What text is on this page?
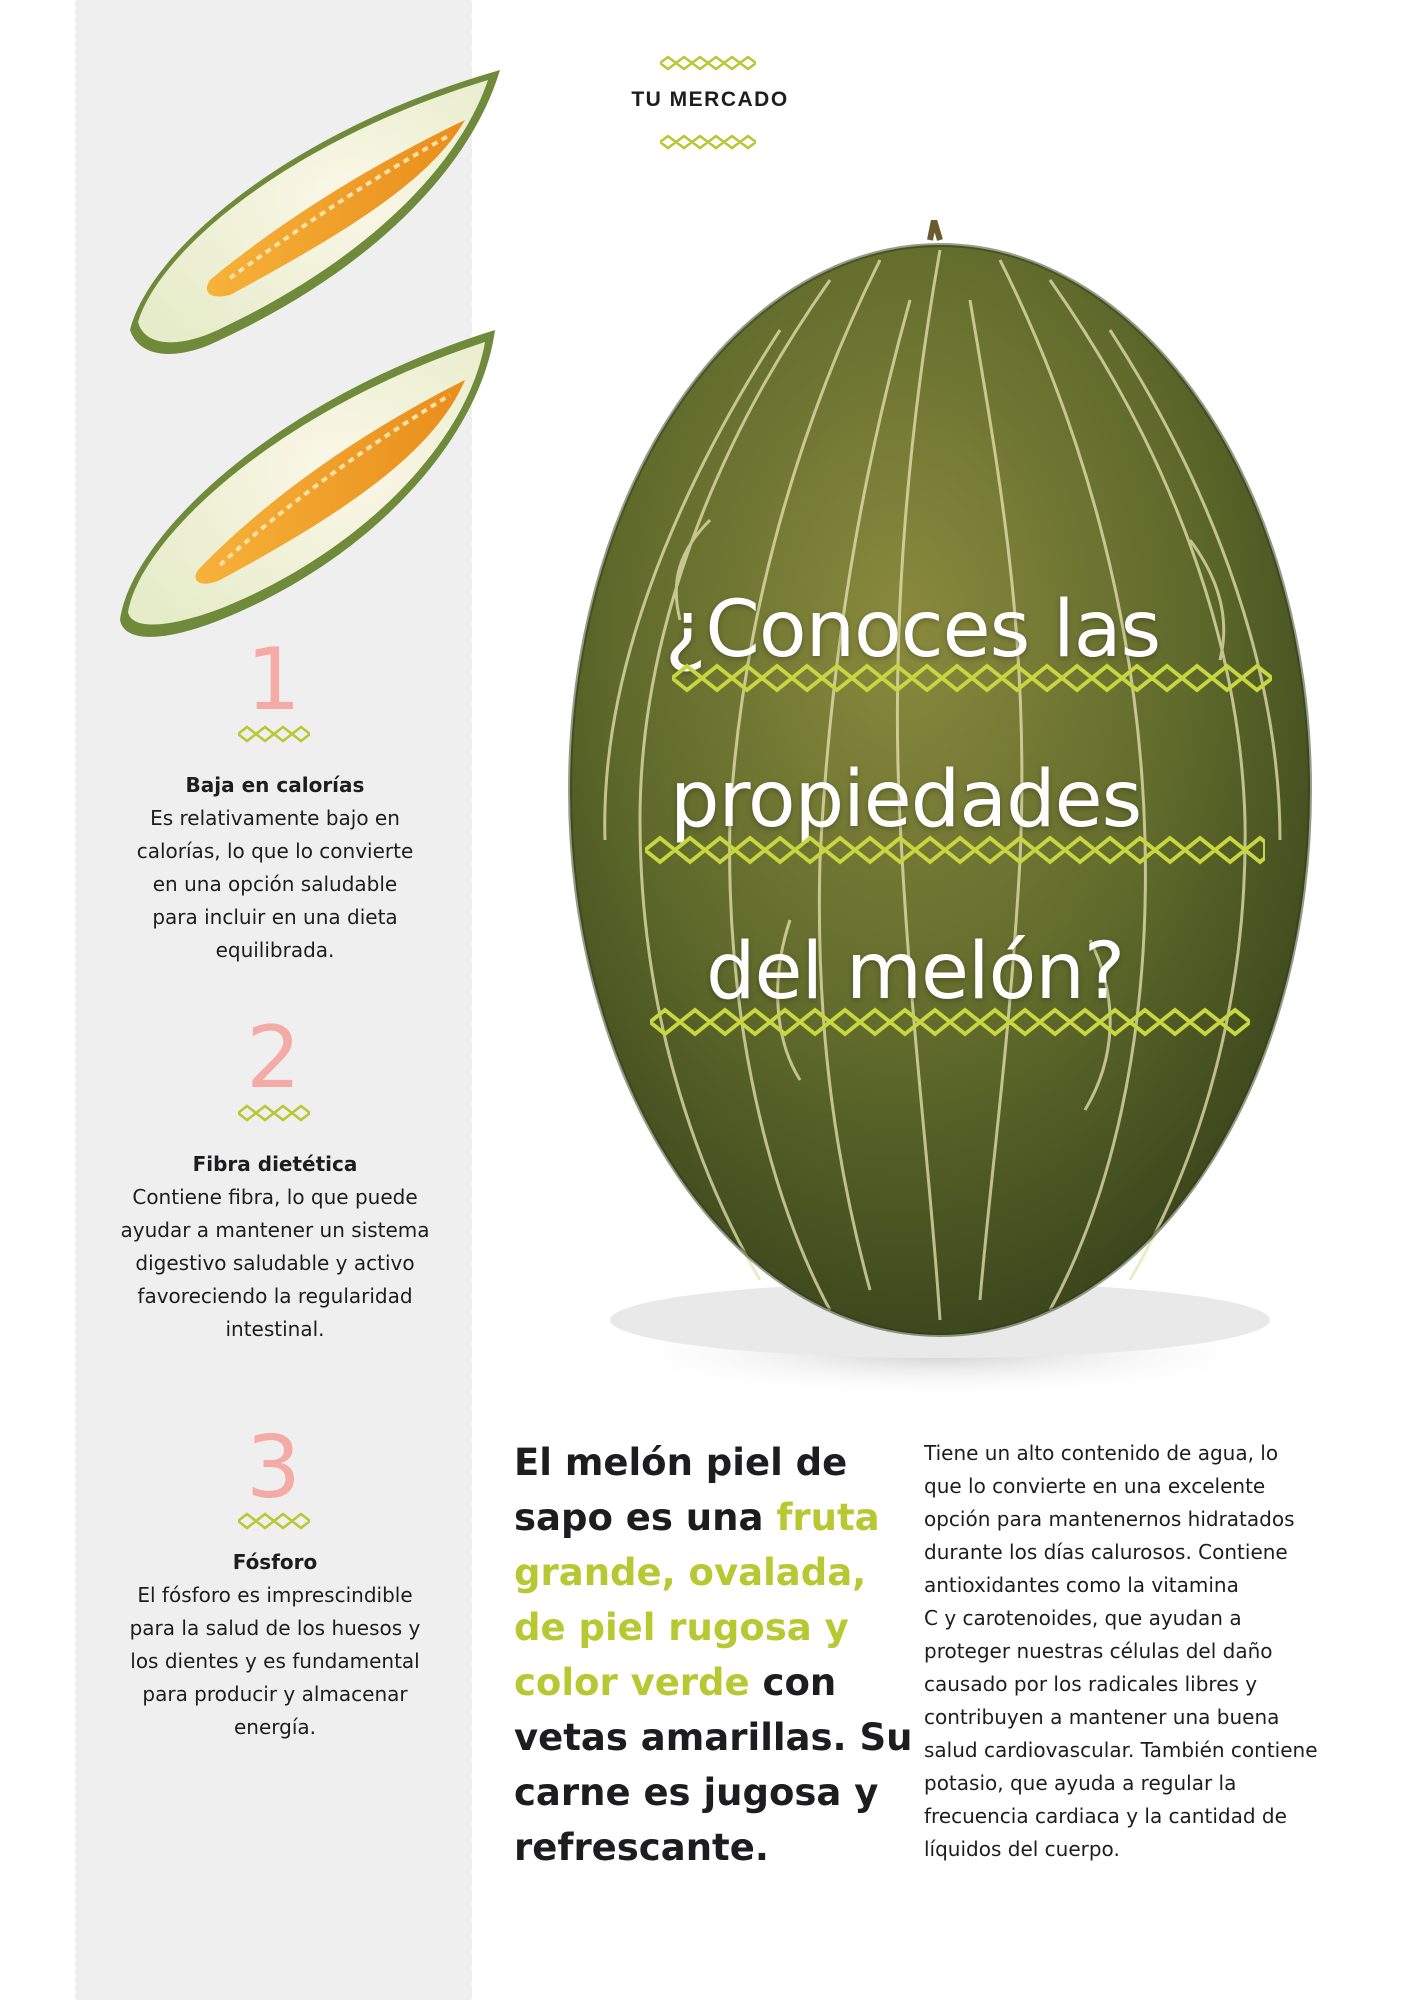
TU MERCADO
¿Conoces las
propiedades
del melón?
1
Baja en calorías
Es relativamente bajo en
calorías, lo que lo convierte
en una opción saludable
para incluir en una dieta
equilibrada.
2
Fibra dietética
Contiene fibra, lo que puede
ayudar a mantener un sistema
digestivo saludable y activo
favoreciendo la regularidad
intestinal.
3
Fósforo
El fósforo es imprescindible
para la salud de los huesos y
los dientes y es fundamental
para producir y almacenar
energía.
El melón piel de
sapo es una fruta
grande, ovalada,
de piel rugosa y
color verde con
vetas amarillas. Su
carne es jugosa y
refrescante.
Tiene un alto contenido de agua, lo
que lo convierte en una excelente
opción para mantenernos hidratados
durante los días calurosos. Contiene
antioxidantes como la vitamina
C y carotenoides, que ayudan a
proteger nuestras células del daño
causado por los radicales libres y
contribuyen a mantener una buena
salud cardiovascular. También contiene
potasio, que ayuda a regular la
frecuencia cardiaca y la cantidad de
líquidos del cuerpo.
